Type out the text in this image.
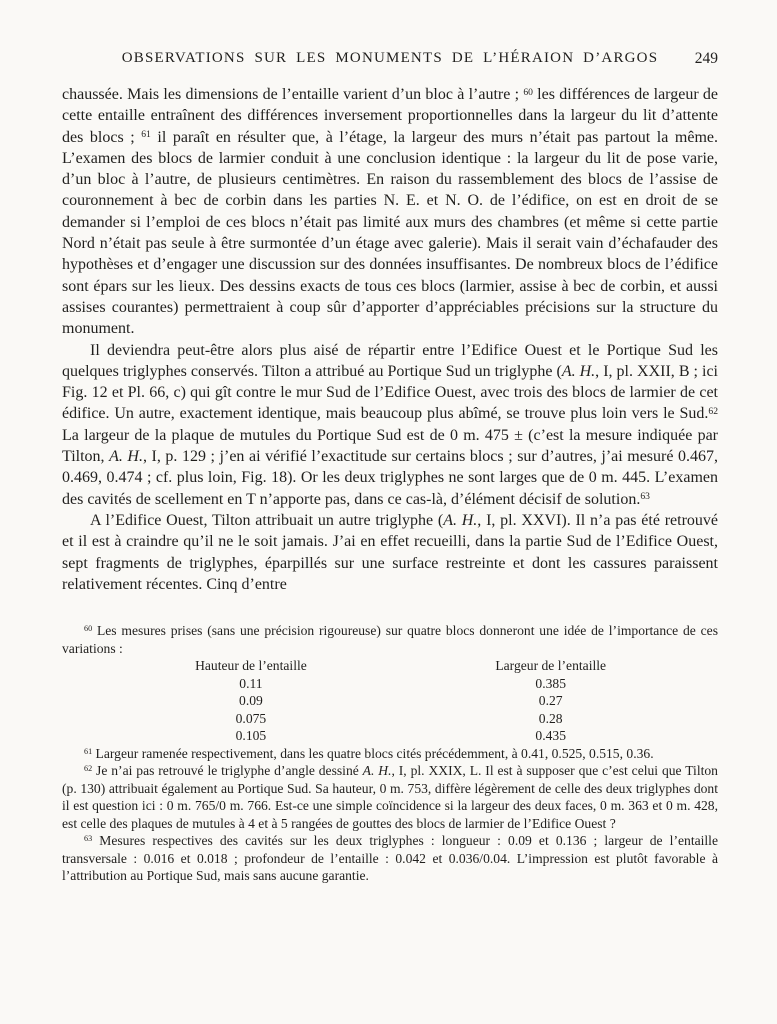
OBSERVATIONS SUR LES MONUMENTS DE L’HÉRAION D’ARGOS	249

chaussée. Mais les dimensions de l’entaille varient d’un bloc à l’autre ; $^{60}$ les différences de largeur de cette entaille entraînent des différences inversement proportionnelles dans la largeur du lit d’attente des blocs ; $^{61}$ il paraît en résulter que, à l’étage, la largeur des murs n’était pas partout la même. L’examen des blocs de larmier conduit à une conclusion identique : la largeur du lit de pose varie, d’un bloc à l’autre, de plusieurs centimètres. En raison du rassemblement des blocs de l’assise de couronnement à bec de corbin dans les parties N. E. et N. O. de l’édifice, on est en droit de se demander si l’emploi de ces blocs n’était pas limité aux murs des chambres (et même si cette partie Nord n’était pas seule à être surmontée d’un étage avec galerie). Mais il serait vain d’échafauder des hypothèses et d’engager une discussion sur des données insuffisantes. De nombreux blocs de l’édifice sont épars sur les lieux. Des dessins exacts de tous ces blocs (larmier, assise à bec de corbin, et aussi assises courantes) permettraient à coup sûr d’apporter d’appréciables précisions sur la structure du monument.

Il deviendra peut-être alors plus aisé de répartir entre l’Edifice Ouest et le Portique Sud les quelques triglyphes conservés. Tilton a attribué au Portique Sud un triglyphe (A. H., I, pl. XXII, B ; ici Fig. 12 et Pl. 66, c) qui gît contre le mur Sud de l’Edifice Ouest, avec trois des blocs de larmier de cet édifice. Un autre, exactement identique, mais beaucoup plus abîmé, se trouve plus loin vers le Sud.$^{62}$ La largeur de la plaque de mutules du Portique Sud est de 0 m. 475 ± (c’est la mesure indiquée par Tilton, A. H., I, p. 129 ; j’en ai vérifié l’exactitude sur certains blocs ; sur d’autres, j’ai mesuré 0.467, 0.469, 0.474 ; cf. plus loin, Fig. 18). Or les deux triglyphes ne sont larges que de 0 m. 445. L’examen des cavités de scellement en T n’apporte pas, dans ce cas-là, d’élément décisif de solution.$^{63}$

A l’Edifice Ouest, Tilton attribuait un autre triglyphe (A. H., I, pl. XXVI). Il n’a pas été retrouvé et il est à craindre qu’il ne le soit jamais. J’ai en effet recueilli, dans la partie Sud de l’Edifice Ouest, sept fragments de triglyphes, éparpillés sur une surface restreinte et dont les cassures paraissent relativement récentes. Cinq d’entre

$^{60}$ Les mesures prises (sans une précision rigoureuse) sur quatre blocs donneront une idée de l’importance de ces variations :

Hauteur de l’entaille
0.11
0.09
0.075
0.105
Largeur de l’entaille
0.385
0.27
0.28
0.435

$^{61}$ Largeur ramenée respectivement, dans les quatre blocs cités précédemment, à 0.41, 0.525, 0.515, 0.36.

$^{62}$ Je n’ai pas retrouvé le triglyphe d’angle dessiné A. H., I, pl. XXIX, L. Il est à supposer que c’est celui que Tilton (p. 130) attribuait également au Portique Sud. Sa hauteur, 0 m. 753, diffère légèrement de celle des deux triglyphes dont il est question ici : 0 m. 765/0 m. 766. Est-ce une simple coïncidence si la largeur des deux faces, 0 m. 363 et 0 m. 428, est celle des plaques de mutules à 4 et à 5 rangées de gouttes des blocs de larmier de l’Edifice Ouest ?

$^{63}$ Mesures respectives des cavités sur les deux triglyphes : longueur : 0.09 et 0.136 ; largeur de l’entaille transversale : 0.016 et 0.018 ; profondeur de l’entaille : 0.042 et 0.036/0.04. L’impression est plutôt favorable à l’attribution au Portique Sud, mais sans aucune garantie.
